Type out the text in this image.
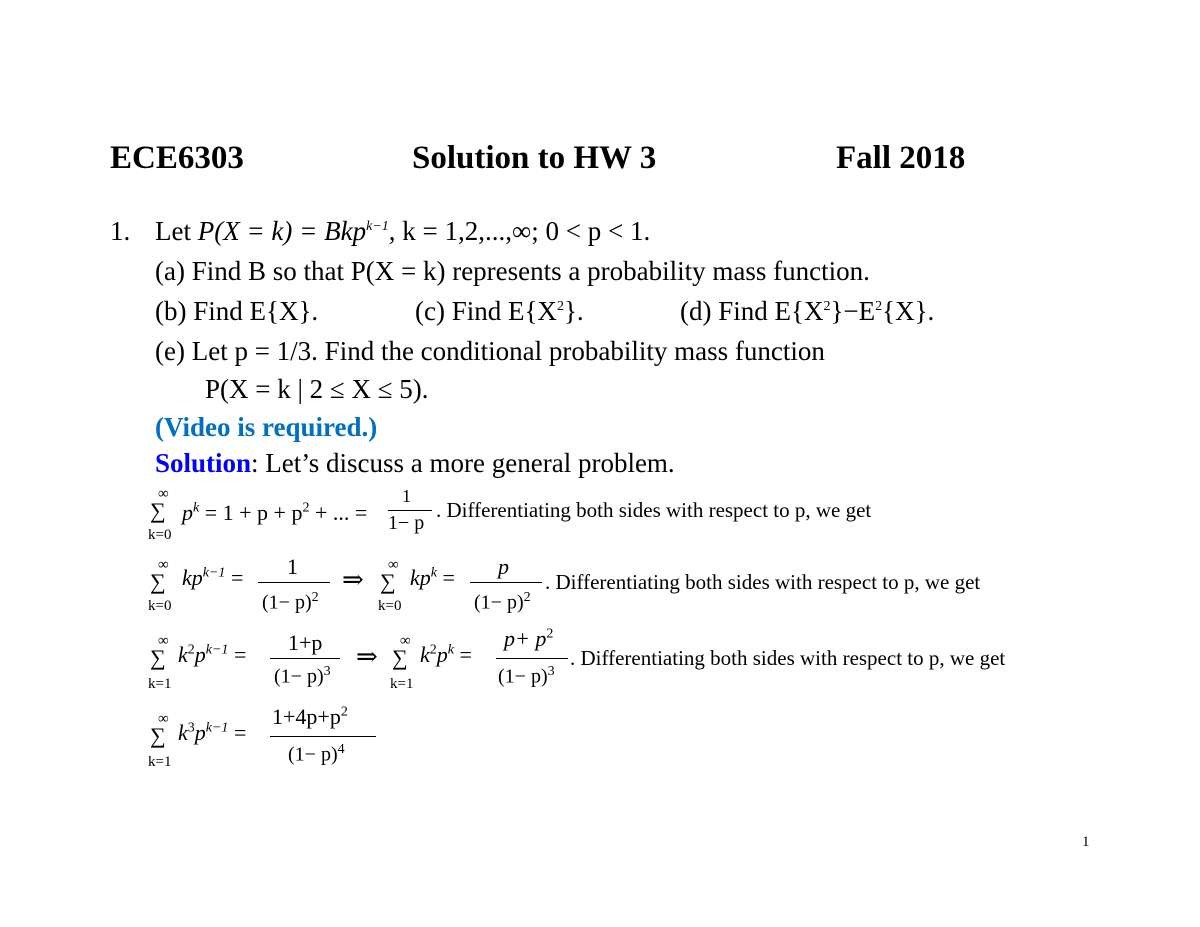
ECE6303	Solution to HW 3	Fall 2018
1. Let P(X = k) = Bkp$^{k-1}$, k = 1,2,...,∞; 0 < p < 1.
(a) Find B so that P(X = k) represents a probability mass function.
(b) Find E{X}.	(c) Find $E\{X^2\}$.	(d) Find $E\{X^2\}-E^2\{X\}$.
(e) Let p = 1/3. Find the conditional probability mass function
P(X = k | 2 ≤ X ≤ 5).
(Video is required.)
Solution: Let’s discuss a more general problem.
∞
∑
k=0
$p^k = 1 + p + p^2$ + ... =
1
1− p
. Differentiating both sides with respect to p, we get
∞
∑
k=0
$kp^{k-1} = 1$
$(1- p)^2$
⇒ ∞
∑
k=0
$kp^k = p$
$(1- p)^2$
. Differentiating both sides with respect to p, we get
∞
∑
k=1
$k^2p^{k-1} = 1+p$
$(1- p)^3$
⇒
∞
∑
k=1
$k^2p^k$ =
$p+ p^2$
$(1- p)^3$
. Differentiating both sides with respect to p, we get
∞
∑
k=1
$k^3p^{k-1}$ =
$1+4p+p^2$
$(1- p)^4$
1
